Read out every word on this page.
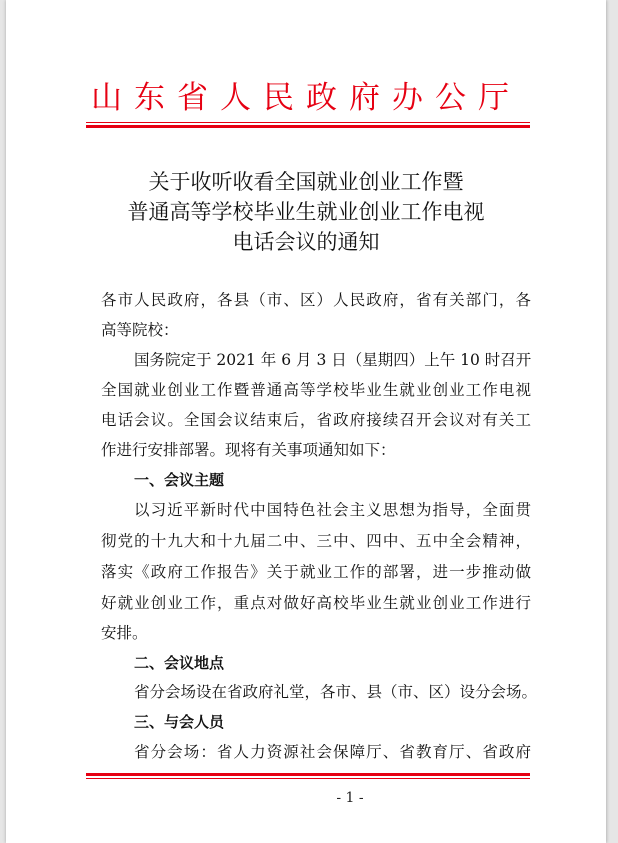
山东省人民政府办公厅
关于收听收看全国就业创业工作暨
普通高等学校毕业生就业创业工作电视
电话会议的通知
各市人民政府，各县（市、区）人民政府，省有关部门，各
高等院校：
国务院定于 2021 年 6 月 3 日（星期四）上午 10 时召开
全国就业创业工作暨普通高等学校毕业生就业创业工作电视
电话会议。全国会议结束后，省政府接续召开会议对有关工
作进行安排部署。现将有关事项通知如下：
一、会议主题
以习近平新时代中国特色社会主义思想为指导，全面贯
彻党的十九大和十九届二中、三中、四中、五中全会精神，
落实《政府工作报告》关于就业工作的部署，进一步推动做
好就业创业工作，重点对做好高校毕业生就业创业工作进行
安排。
二、会议地点
省分会场设在省政府礼堂，各市、县（市、区）设分会场。
三、与会人员
省分会场：省人力资源社会保障厅、省教育厅、省政府
- 1 -
